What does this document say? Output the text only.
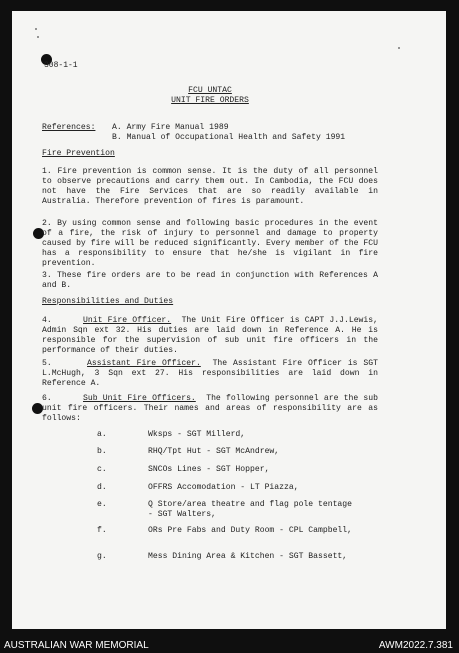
308-1-1
FCU UNTAC
UNIT FIRE ORDERS
References: A. Army Fire Manual 1989
B. Manual of Occupational Health and Safety 1991
Fire Prevention

1. Fire prevention is common sense. It is the duty of all personnel to observe precautions and carry them out. In Cambodia, the FCU does not have the Fire Services that are so readily available in Australia. Therefore prevention of fires is paramount.

2. By using common sense and following basic procedures in the event of a fire, the risk of injury to personnel and damage to property caused by fire will be reduced significantly. Every member of the FCU has a responsibility to ensure that he/she is vigilant in fire prevention.

3. These fire orders are to be read in conjunction with References A and B.

Responsibilities and Duties

4.	Unit Fire Officer. The Unit Fire Officer is CAPT J.J.Lewis, Admin Sqn ext 32. His duties are laid down in Reference A. He is responsible for the supervision of sub unit fire officers in the performance of their duties.

5.	Assistant Fire Officer. The Assistant Fire Officer is SGT L.McHugh, 3 Sqn ext 27. His responsibilities are laid down in Reference A.

6.	Sub Unit Fire Officers. The following personnel are the sub unit fire officers. Their names and areas of responsibility are as follows:

a.	Wksps - SGT Millerd,
b.	RHQ/Tpt Hut - SGT McAndrew,
c.	SNCOs Lines - SGT Hopper,
d.	OFFRS Accomodation - LT Piazza,
e.	Q Store/area theatre and flag pole tentage - SGT Walters,
f.	ORs Pre Fabs and Duty Room - CPL Campbell,
g.	Mess Dining Area & Kitchen - SGT Bassett,
AUSTRALIAN WAR MEMORIAL	AWM2022.7.381
